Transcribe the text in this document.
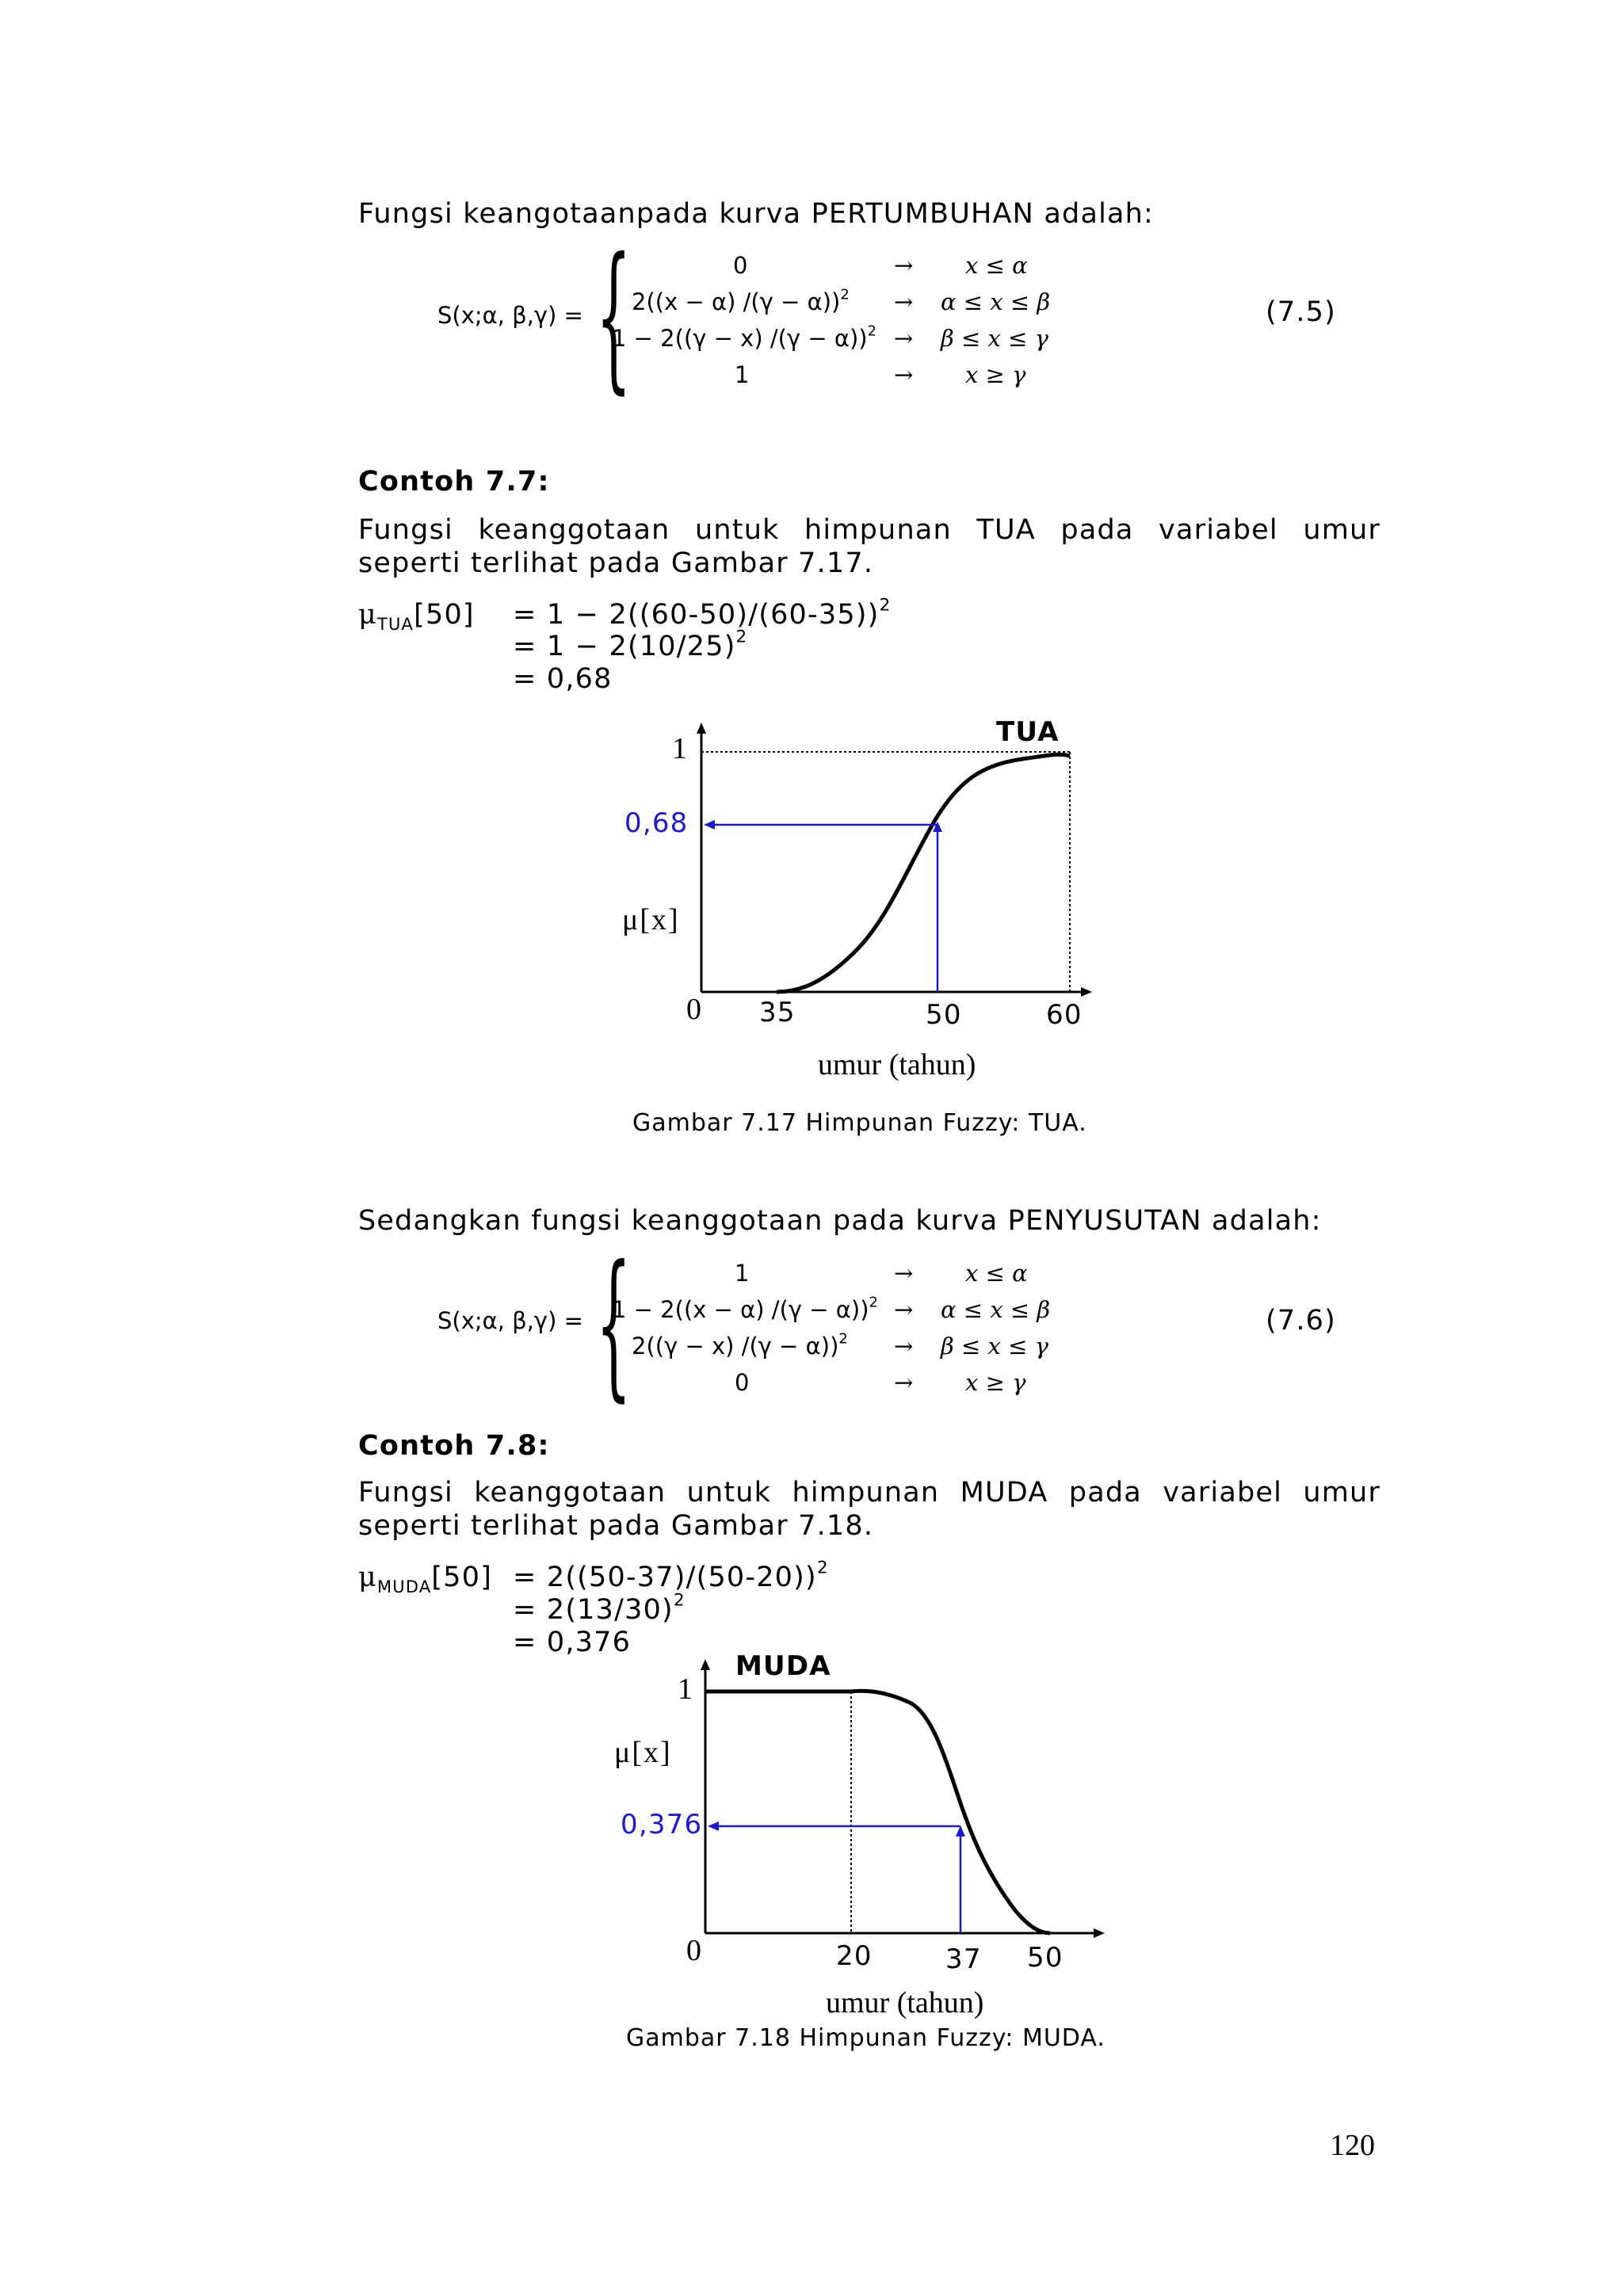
Fungsi keangotaanpada kurva PERTUMBUHAN adalah:
S(x;α, β,γ) = {	0	→ x ≤ α
2((x − α) /(γ − α))$^2$ → α ≤ x ≤ β
1 − 2((γ − x) /(γ − α))$^2$ → β ≤ x ≤ γ
1	→ x ≥ γ
(7.5)
Contoh 7.7:
Fungsi keanggotaan untuk himpunan TUA pada variabel umur seperti terlihat pada Gambar 7.17.
$\mu_{TUA}[50] = 1 - 2((60-50)/(60-35))^2$
= $1 - 2(10/25)^2$
= 0,68
TUA
1
0,68
μ[x]
0 35	50	60
umur (tahun)
Gambar 7.17 Himpunan Fuzzy: TUA.
Sedangkan fungsi keanggotaan pada kurva PENYUSUTAN adalah:
S(x;α, β,γ) = {	1	→ x ≤ α
1 − 2((x − α) /(γ − α))$^2$ → α ≤ x ≤ β
2((γ − x) /(γ − α))$^2$ → β ≤ x ≤ γ
0	→ x ≥ γ
(7.6)
Contoh 7.8:
Fungsi keanggotaan untuk himpunan MUDA pada variabel umur seperti terlihat pada Gambar 7.18.
$\mu_{MUDA}[50] = 2((50-37)/(50-20))^2$
= $2(13/30)^2$
= 0,376
MUDA
1
μ[x]
0,376
0	20	37 50
umur (tahun)
Gambar 7.18 Himpunan Fuzzy: MUDA.
120
